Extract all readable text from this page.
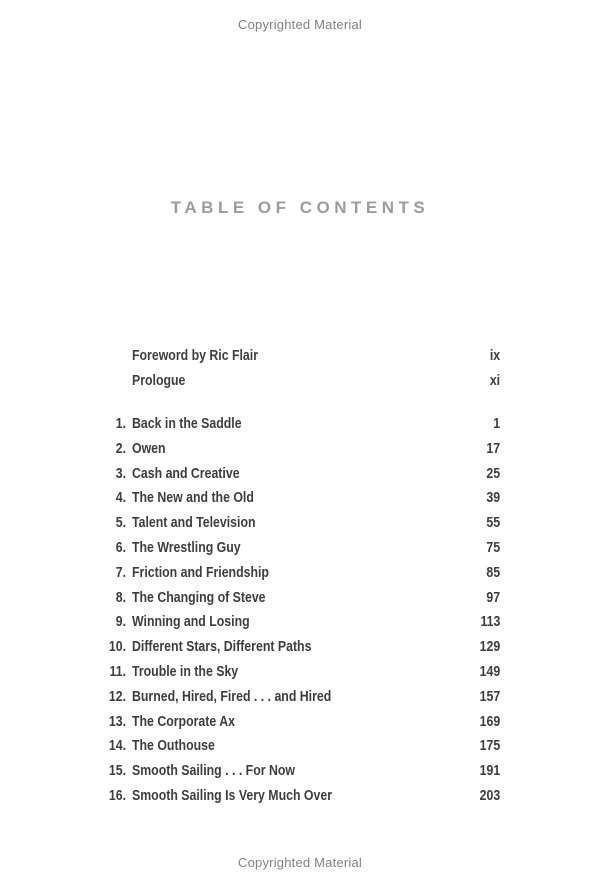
Copyrighted Material
TABLE OF CONTENTS
Foreword by Ric Flair	ix
Prologue	xi
1. Back in the Saddle	1
2. Owen	17
3. Cash and Creative	25
4. The New and the Old	39
5. Talent and Television	55
6. The Wrestling Guy	75
7. Friction and Friendship	85
8. The Changing of Steve	97
9. Winning and Losing	113
10. Different Stars, Different Paths	129
11. Trouble in the Sky	149
12. Burned, Hired, Fired . . . and Hired	157
13. The Corporate Ax	169
14. The Outhouse	175
15. Smooth Sailing . . . For Now	191
16. Smooth Sailing Is Very Much Over	203
Copyrighted Material
